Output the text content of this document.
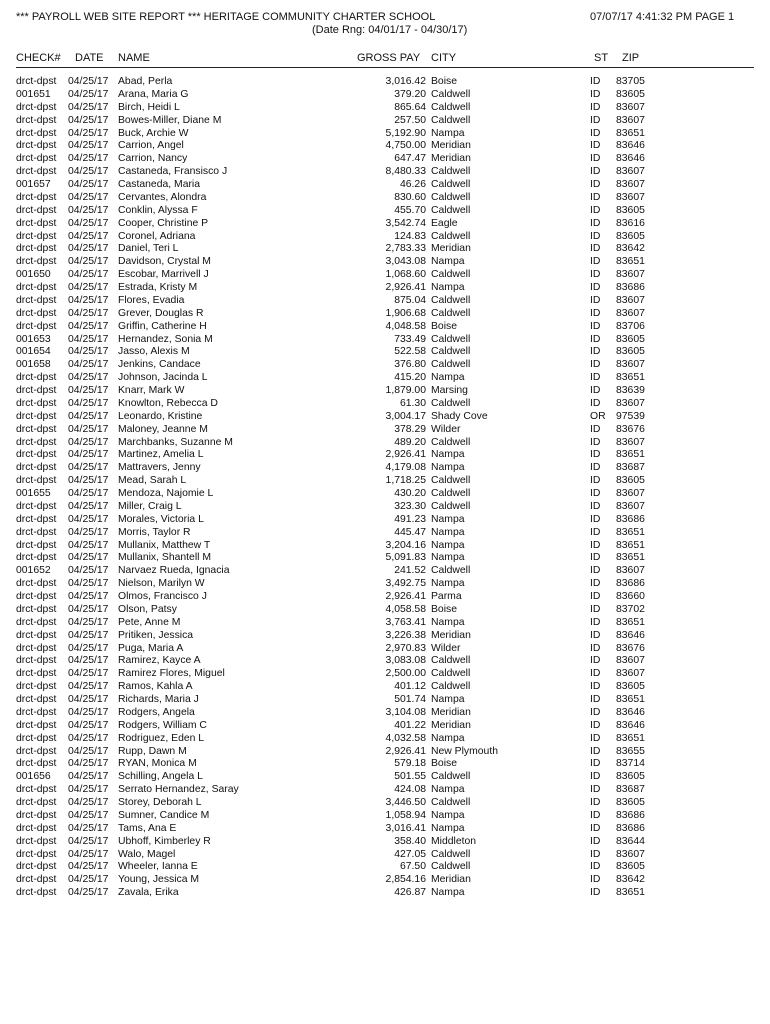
*** PAYROLL WEB SITE REPORT *** HERITAGE COMMUNITY CHARTER SCHOOL
(Date Rng: 04/01/17 - 04/30/17)
07/07/17 4:41:32 PM PAGE 1
CHECK# DATE NAME	GROSS PAY CITY	ST ZIP
drct-dpst 04/25/17 Abad, Perla	3,016.42 Boise	ID 83705
001651 04/25/17 Arana, Maria G	379.20 Caldwell	ID 83605
drct-dpst 04/25/17 Birch, Heidi L	865.64 Caldwell	ID 83607
drct-dpst 04/25/17 Bowes-Miller, Diane M	257.50 Caldwell	ID 83607
drct-dpst 04/25/17 Buck, Archie W	5,192.90 Nampa	ID 83651
drct-dpst 04/25/17 Carrion, Angel	4,750.00 Meridian	ID 83646
drct-dpst 04/25/17 Carrion, Nancy	647.47 Meridian	ID 83646
drct-dpst 04/25/17 Castaneda, Fransisco J	8,480.33 Caldwell	ID 83607
001657 04/25/17 Castaneda, Maria	46.26 Caldwell	ID 83607
drct-dpst 04/25/17 Cervantes, Alondra	830.60 Caldwell	ID 83607
drct-dpst 04/25/17 Conklin, Alyssa F	455.70 Caldwell	ID 83605
drct-dpst 04/25/17 Cooper, Christine P	3,542.74 Eagle	ID 83616
drct-dpst 04/25/17 Coronel, Adriana	124.83 Caldwell	ID 83605
drct-dpst 04/25/17 Daniel, Teri L	2,783.33 Meridian	ID 83642
drct-dpst 04/25/17 Davidson, Crystal M	3,043.08 Nampa	ID 83651
001650 04/25/17 Escobar, Marrivell J	1,068.60 Caldwell	ID 83607
drct-dpst 04/25/17 Estrada, Kristy M	2,926.41 Nampa	ID 83686
drct-dpst 04/25/17 Flores, Evadia	875.04 Caldwell	ID 83607
drct-dpst 04/25/17 Grever, Douglas R	1,906.68 Caldwell	ID 83607
drct-dpst 04/25/17 Griffin, Catherine H	4,048.58 Boise	ID 83706
001653 04/25/17 Hernandez, Sonia M	733.49 Caldwell	ID 83605
001654 04/25/17 Jasso, Alexis M	522.58 Caldwell	ID 83605
001658 04/25/17 Jenkins, Candace	376.80 Caldwell	ID 83607
drct-dpst 04/25/17 Johnson, Jacinda L	415.20 Nampa	ID 83651
drct-dpst 04/25/17 Knarr, Mark W	1,879.00 Marsing	ID 83639
drct-dpst 04/25/17 Knowlton, Rebecca D	61.30 Caldwell	ID 83607
drct-dpst 04/25/17 Leonardo, Kristine	3,004.17 Shady Cove	OR 97539
drct-dpst 04/25/17 Maloney, Jeanne M	378.29 Wilder	ID 83676
drct-dpst 04/25/17 Marchbanks, Suzanne M	489.20 Caldwell	ID 83607
drct-dpst 04/25/17 Martinez, Amelia L	2,926.41 Nampa	ID 83651
drct-dpst 04/25/17 Mattravers, Jenny	4,179.08 Nampa	ID 83687
drct-dpst 04/25/17 Mead, Sarah L	1,718.25 Caldwell	ID 83605
001655 04/25/17 Mendoza, Najomie L	430.20 Caldwell	ID 83607
drct-dpst 04/25/17 Miller, Craig L	323.30 Caldwell	ID 83607
drct-dpst 04/25/17 Morales, Victoria L	491.23 Nampa	ID 83686
drct-dpst 04/25/17 Morris, Taylor R	445.47 Nampa	ID 83651
drct-dpst 04/25/17 Mullanix, Matthew T	3,204.16 Nampa	ID 83651
drct-dpst 04/25/17 Mullanix, Shantell M	5,091.83 Nampa	ID 83651
001652 04/25/17 Narvaez Rueda, Ignacia	241.52 Caldwell	ID 83607
drct-dpst 04/25/17 Nielson, Marilyn W	3,492.75 Nampa	ID 83686
drct-dpst 04/25/17 Olmos, Francisco J	2,926.41 Parma	ID 83660
drct-dpst 04/25/17 Olson, Patsy	4,058.58 Boise	ID 83702
drct-dpst 04/25/17 Pete, Anne M	3,763.41 Nampa	ID 83651
drct-dpst 04/25/17 Pritiken, Jessica	3,226.38 Meridian	ID 83646
drct-dpst 04/25/17 Puga, Maria A	2,970.83 Wilder	ID 83676
drct-dpst 04/25/17 Ramirez, Kayce A	3,083.08 Caldwell	ID 83607
drct-dpst 04/25/17 Ramirez Flores, Miguel	2,500.00 Caldwell	ID 83607
drct-dpst 04/25/17 Ramos, Kahla A	401.12 Caldwell	ID 83605
drct-dpst 04/25/17 Richards, Maria J	501.74 Nampa	ID 83651
drct-dpst 04/25/17 Rodgers, Angela	3,104.08 Meridian	ID 83646
drct-dpst 04/25/17 Rodgers, William C	401.22 Meridian	ID 83646
drct-dpst 04/25/17 Rodriguez, Eden L	4,032.58 Nampa	ID 83651
drct-dpst 04/25/17 Rupp, Dawn M	2,926.41 New Plymouth	ID 83655
drct-dpst 04/25/17 RYAN, Monica M	579.18 Boise	ID 83714
001656 04/25/17 Schilling, Angela L	501.55 Caldwell	ID 83605
drct-dpst 04/25/17 Serrato Hernandez, Saray	424.08 Nampa	ID 83687
drct-dpst 04/25/17 Storey, Deborah L	3,446.50 Caldwell	ID 83605
drct-dpst 04/25/17 Sumner, Candice M	1,058.94 Nampa	ID 83686
drct-dpst 04/25/17 Tams, Ana E	3,016.41 Nampa	ID 83686
drct-dpst 04/25/17 Ubhoff, Kimberley R	358.40 Middleton	ID 83644
drct-dpst 04/25/17 Walo, Magel	427.05 Caldwell	ID 83607
drct-dpst 04/25/17 Wheeler, Ianna E	67.50 Caldwell	ID 83605
drct-dpst 04/25/17 Young, Jessica M	2,854.16 Meridian	ID 83642
drct-dpst 04/25/17 Zavala, Erika	426.87 Nampa	ID 83651
